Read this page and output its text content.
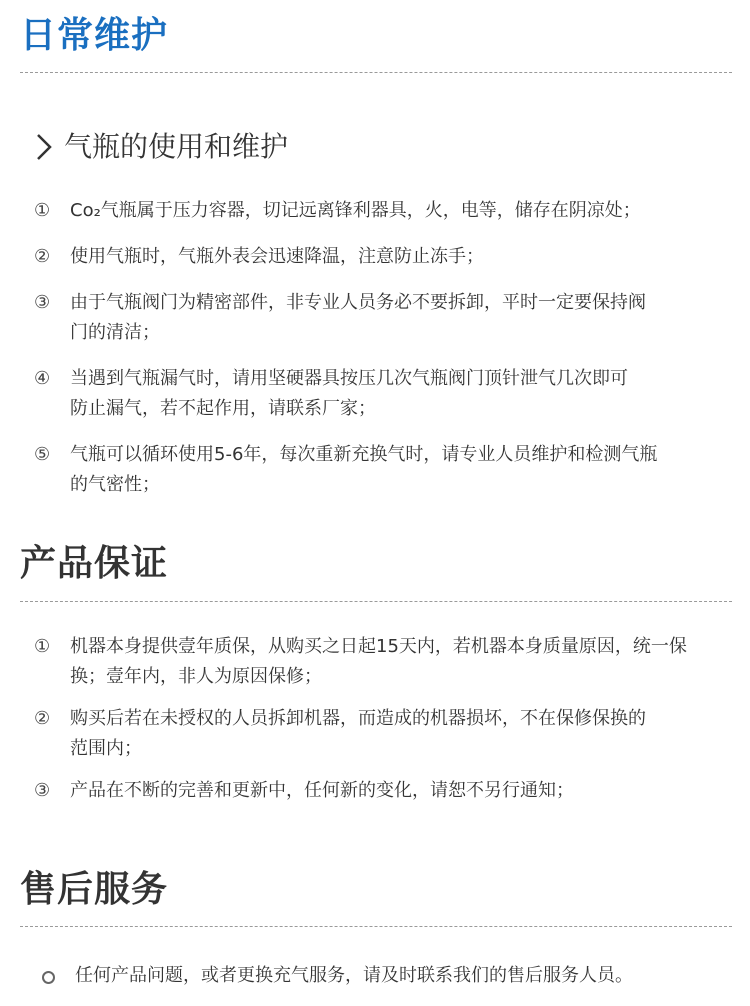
日常维护
气瓶的使用和维护
①	Co₂气瓶属于压力容器，切记远离锋利器具，火，电等，储存在阴凉处；
②	使用气瓶时，气瓶外表会迅速降温，注意防止冻手；
③	由于气瓶阀门为精密部件，非专业人员务必不要拆卸，平时一定要保持阀
门的清洁；
④	当遇到气瓶漏气时，请用坚硬器具按压几次气瓶阀门顶针泄气几次即可
防止漏气，若不起作用，请联系厂家；
⑤	气瓶可以循环使用5-6年，每次重新充换气时，请专业人员维护和检测气瓶
的气密性；
产品保证
①	机器本身提供壹年质保，从购买之日起15天内，若机器本身质量原因，统一保
换；壹年内，非人为原因保修；
②	购买后若在未授权的人员拆卸机器，而造成的机器损坏，不在保修保换的
范围内；
③	产品在不断的完善和更新中，任何新的变化，请恕不另行通知；
售后服务
任何产品问题，或者更换充气服务，请及时联系我们的售后服务人员。
